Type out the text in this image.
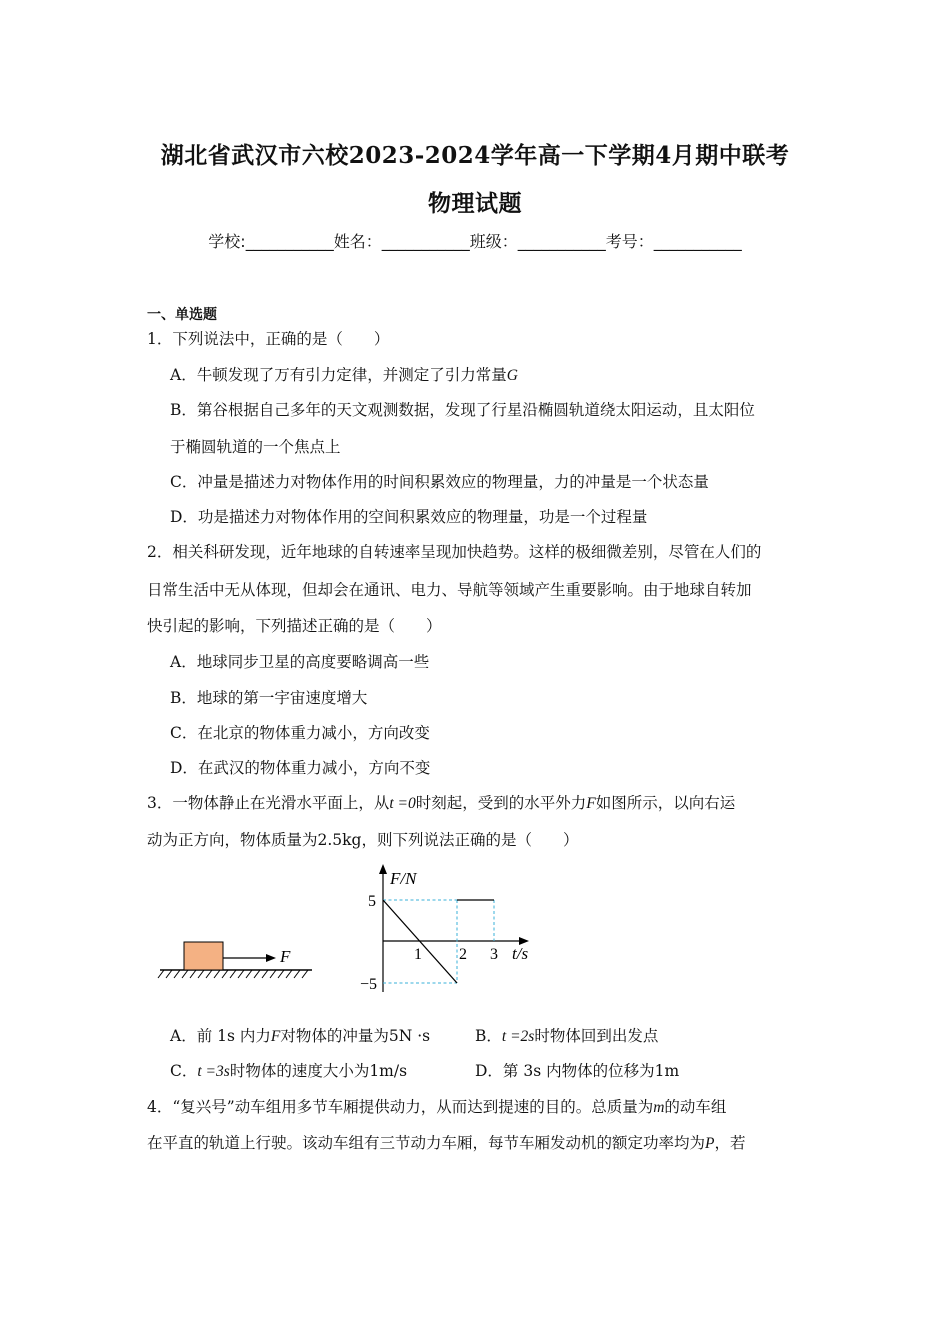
湖北省武汉市六校2023-2024学年高一下学期4月期中联考
物理试题
学校:___________姓名：___________班级：___________考号：___________
一、单选题
1．下列说法中，正确的是（　　）
A．牛顿发现了万有引力定律，并测定了引力常量G
B．第谷根据自己多年的天文观测数据，发现了行星沿椭圆轨道绕太阳运动，且太阳位
于椭圆轨道的一个焦点上
C．冲量是描述力对物体作用的时间积累效应的物理量，力的冲量是一个状态量
D．功是描述力对物体作用的空间积累效应的物理量，功是一个过程量
2．相关科研发现，近年地球的自转速率呈现加快趋势。这样的极细微差别，尽管在人们的
日常生活中无从体现，但却会在通讯、电力、导航等领域产生重要影响。由于地球自转加
快引起的影响，下列描述正确的是（　　）
A．地球同步卫星的高度要略调高一些
B．地球的第一宇宙速度增大
C．在北京的物体重力减小，方向改变
D．在武汉的物体重力减小，方向不变
3．一物体静止在光滑水平面上，从t =0时刻起，受到的水平外力F如图所示，以向右运
动为正方向，物体质量为2.5kg，则下列说法正确的是（　　）
F
F/N
5
−5
1 2 3 t/s
A．前 1s 内力F对物体的冲量为5N ·s	B．t =2s时物体回到出发点
C．t =3s时物体的速度大小为1m/s	D．第 3s 内物体的位移为1m
4．“复兴号”动车组用多节车厢提供动力，从而达到提速的目的。总质量为m的动车组
在平直的轨道上行驶。该动车组有三节动力车厢，每节车厢发动机的额定功率均为P，若
